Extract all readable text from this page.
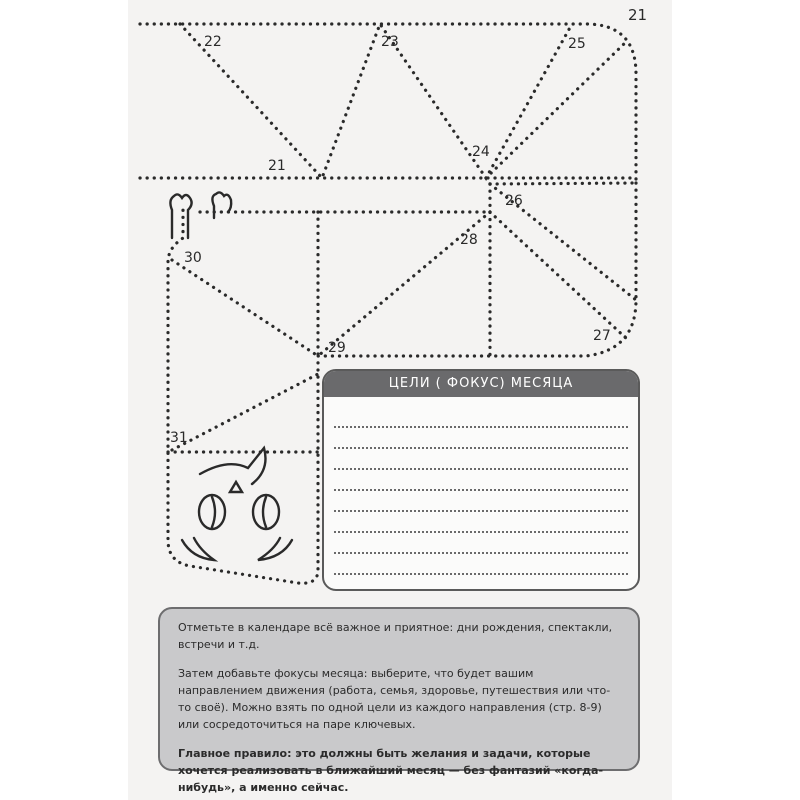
21
21
22	23	25
24
26
28
27
29
30
31
ЦЕЛИ ( ФОКУС) МЕСЯЦА

Отметьте в календаре всё важное и приятное: дни рождения, спектакли, встречи и т.д.

Затем добавьте фокусы месяца: выберите, что будет вашим направлением движения (работа, семья, здоровье, путешествия или что-то своё). Можно взять по одной цели из каждого направления (стр. 8-9) или сосредоточиться на паре ключевых.

Главное правило: это должны быть желания и задачи, которые хочется реализовать в ближайший месяц — без фантазий «когда-нибудь», а именно сейчас.
